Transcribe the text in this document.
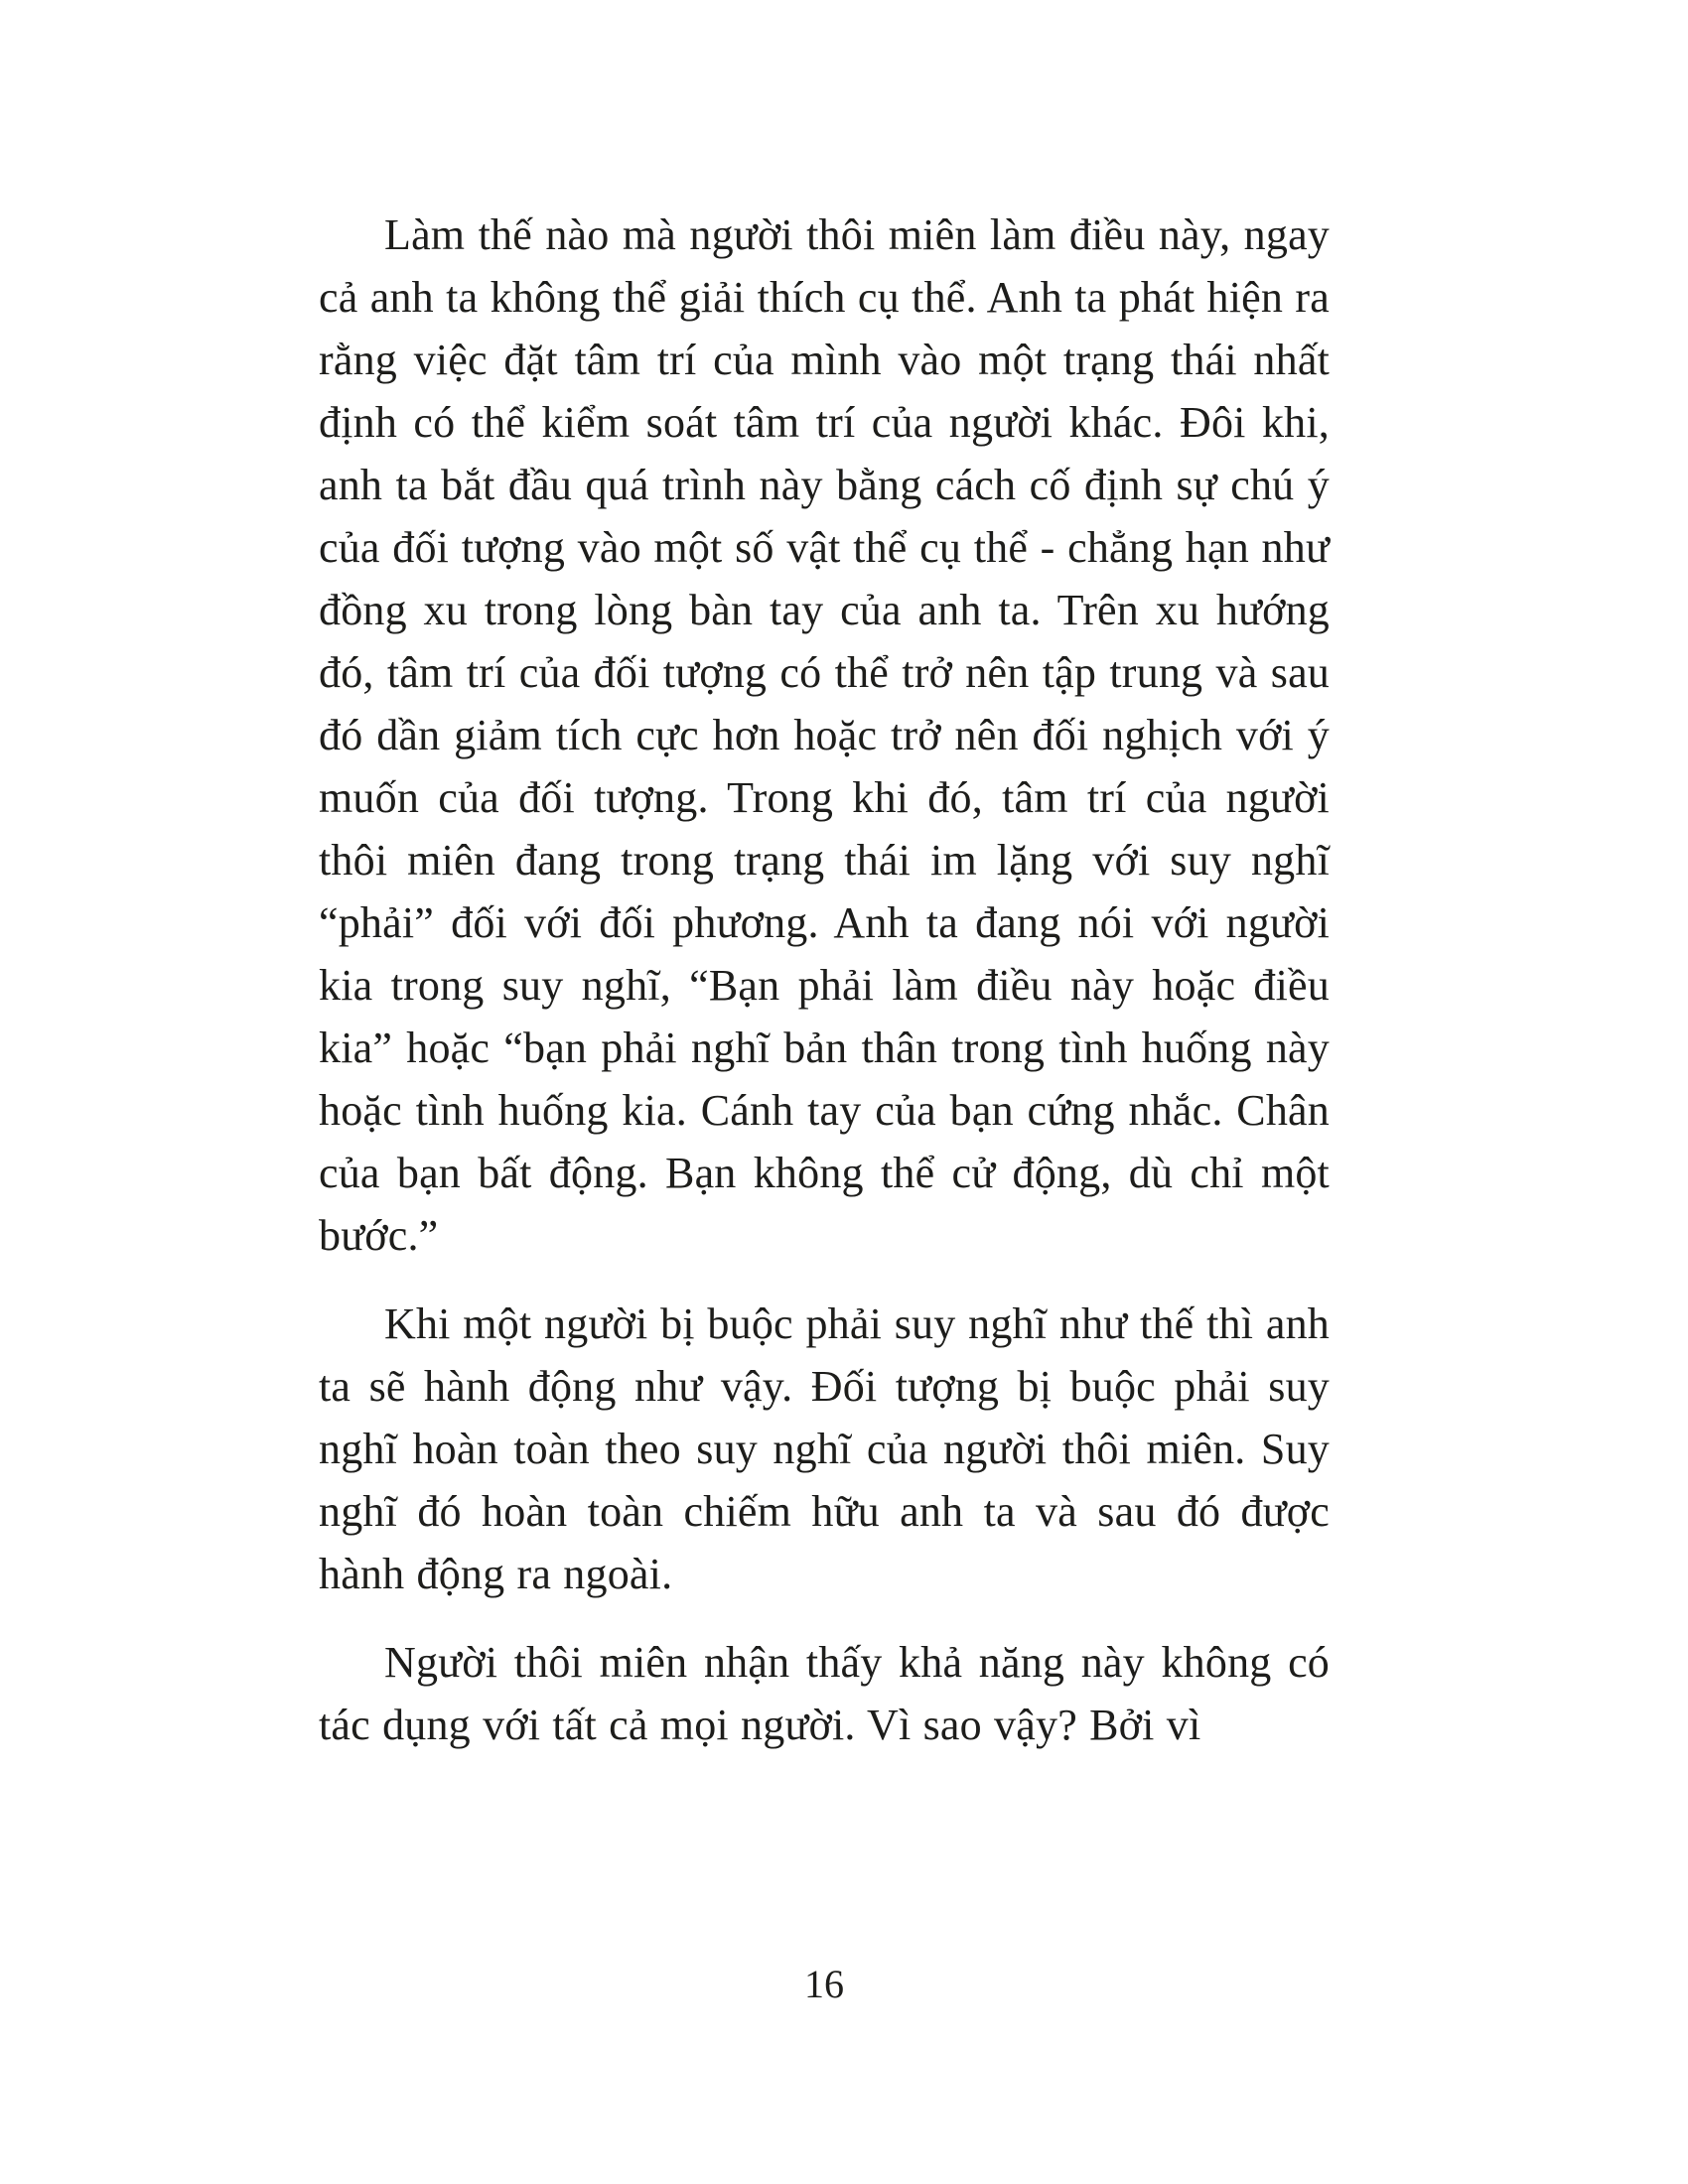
Làm thế nào mà người thôi miên làm điều này, ngay cả anh ta không thể giải thích cụ thể. Anh ta phát hiện ra rằng việc đặt tâm trí của mình vào một trạng thái nhất định có thể kiểm soát tâm trí của người khác. Đôi khi, anh ta bắt đầu quá trình này bằng cách cố định sự chú ý của đối tượng vào một số vật thể cụ thể - chẳng hạn như đồng xu trong lòng bàn tay của anh ta. Trên xu hướng đó, tâm trí của đối tượng có thể trở nên tập trung và sau đó dần giảm tích cực hơn hoặc trở nên đối nghịch với ý muốn của đối tượng. Trong khi đó, tâm trí của người thôi miên đang trong trạng thái im lặng với suy nghĩ “phải” đối với đối phương. Anh ta đang nói với người kia trong suy nghĩ, “Bạn phải làm điều này hoặc điều kia” hoặc “bạn phải nghĩ bản thân trong tình huống này hoặc tình huống kia. Cánh tay của bạn cứng nhắc. Chân của bạn bất động. Bạn không thể cử động, dù chỉ một bước.”

Khi một người bị buộc phải suy nghĩ như thế thì anh ta sẽ hành động như vậy. Đối tượng bị buộc phải suy nghĩ hoàn toàn theo suy nghĩ của người thôi miên. Suy nghĩ đó hoàn toàn chiếm hữu anh ta và sau đó được hành động ra ngoài.

Người thôi miên nhận thấy khả năng này không có tác dụng với tất cả mọi người. Vì sao vậy? Bởi vì

16
